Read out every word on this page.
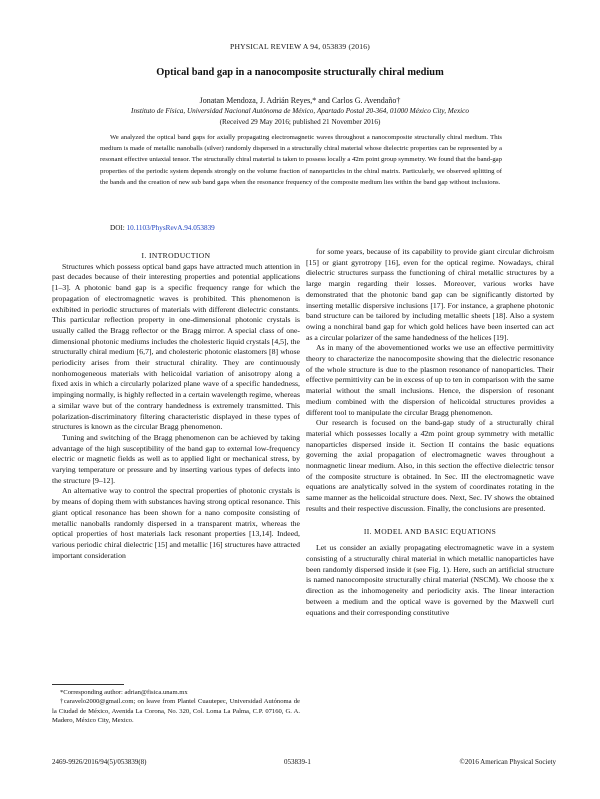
PHYSICAL REVIEW A 94, 053839 (2016)
Optical band gap in a nanocomposite structurally chiral medium
Jonatan Mendoza, J. Adrián Reyes,* and Carlos G. Avendaño†
Instituto de Física, Universidad Nacional Autónoma de México, Apartado Postal 20-364, 01000 México City, Mexico
(Received 29 May 2016; published 21 November 2016)
We analyzed the optical band gaps for axially propagating electromagnetic waves throughout a nanocomposite structurally chiral medium. This medium is made of metallic nanoballs (silver) randomly dispersed in a structurally chiral material whose dielectric properties can be represented by a resonant effective uniaxial tensor. The structurally chiral material is taken to possess locally a 4̄2m point group symmetry. We found that the band-gap properties of the periodic system depends strongly on the volume fraction of nanoparticles in the chiral matrix. Particularly, we observed splitting of the bands and the creation of new sub band gaps when the resonance frequency of the composite medium lies within the band gap without inclusions.
DOI: 10.1103/PhysRevA.94.053839

I. INTRODUCTION

Structures which possess optical band gaps have attracted much attention in past decades because of their interesting properties and potential applications [1–3]. A photonic band gap is a specific frequency range for which the propagation of electromagnetic waves is prohibited. This phenomenon is exhibited in periodic structures of materials with different dielectric constants. This particular reflection property in one-dimensional photonic crystals is usually called the Bragg reflector or the Bragg mirror. A special class of one-dimensional photonic mediums includes the cholesteric liquid crystals [4,5], the structurally chiral medium [6,7], and cholesteric photonic elastomers [8] whose periodicity arises from their structural chirality. They are continuously nonhomogeneous materials with helicoidal variation of anisotropy along a fixed axis in which a circularly polarized plane wave of a specific handedness, impinging normally, is highly reflected in a certain wavelength regime, whereas a similar wave but of the contrary handedness is extremely transmitted. This polarization-discriminatory filtering characteristic displayed in these types of structures is known as the circular Bragg phenomenon.

Tuning and switching of the Bragg phenomenon can be achieved by taking advantage of the high susceptibility of the band gap to external low-frequency electric or magnetic fields as well as to applied light or mechanical stress, by varying temperature or pressure and by inserting various types of defects into the structure [9–12].

An alternative way to control the spectral properties of photonic crystals is by means of doping them with substances having strong optical resonance. This giant optical resonance has been shown for a nano composite consisting of metallic nanoballs randomly dispersed in a transparent matrix, whereas the optical properties of host materials lack resonant properties [13,14]. Indeed, various periodic chiral dielectric [15] and metallic [16] structures have attracted important consideration

for some years, because of its capability to provide giant circular dichroism [15] or giant gyrotropy [16], even for the optical regime. Nowadays, chiral dielectric structures surpass the functioning of chiral metallic structures by a large margin regarding their losses. Moreover, various works have demonstrated that the photonic band gap can be significantly distorted by inserting metallic dispersive inclusions [17]. For instance, a graphene photonic band structure can be tailored by including metallic sheets [18]. Also a system owing a nonchiral band gap for which gold helices have been inserted can act as a circular polarizer of the same handedness of the helices [19].

As in many of the abovementioned works we use an effective permittivity theory to characterize the nanocomposite showing that the dielectric resonance of the whole structure is due to the plasmon resonance of nanoparticles. Their effective permittivity can be in excess of up to ten in comparison with the same material without the small inclusions. Hence, the dispersion of resonant medium combined with the dispersion of helicoidal structures provides a different tool to manipulate the circular Bragg phenomenon.

Our research is focused on the band-gap study of a structurally chiral material which possesses locally a 4̄2m point group symmetry with metallic nanoparticles dispersed inside it. Section II contains the basic equations governing the axial propagation of electromagnetic waves throughout a nonmagnetic linear medium. Also, in this section the effective dielectric tensor of the composite structure is obtained. In Sec. III the electromagnetic wave equations are analytically solved in the system of coordinates rotating in the same manner as the helicoidal structure does. Next, Sec. IV shows the obtained results and their respective discussion. Finally, the conclusions are presented.

II. MODEL AND BASIC EQUATIONS

Let us consider an axially propagating electromagnetic wave in a system consisting of a structurally chiral material in which metallic nanoparticles have been randomly dispersed inside it (see Fig. 1). Here, such an artificial structure is named nanocomposite structurally chiral material (NSCM). We choose the x direction as the inhomogeneity and periodicity axis. The linear interaction between a medium and the optical wave is governed by the Maxwell curl equations and their corresponding constitutive

*Corresponding author: adrian@fisica.unam.mx

†caravelo2000@gmail.com; on leave from Plantel Cuautepec, Universidad Autónoma de la Ciudad de México, Avenida La Corona, No. 320, Col. Loma La Palma, C.P. 07160, G. A. Madero, México City, Mexico.

2469-9926/2016/94(5)/053839(8)	053839-1	©2016 American Physical Society
